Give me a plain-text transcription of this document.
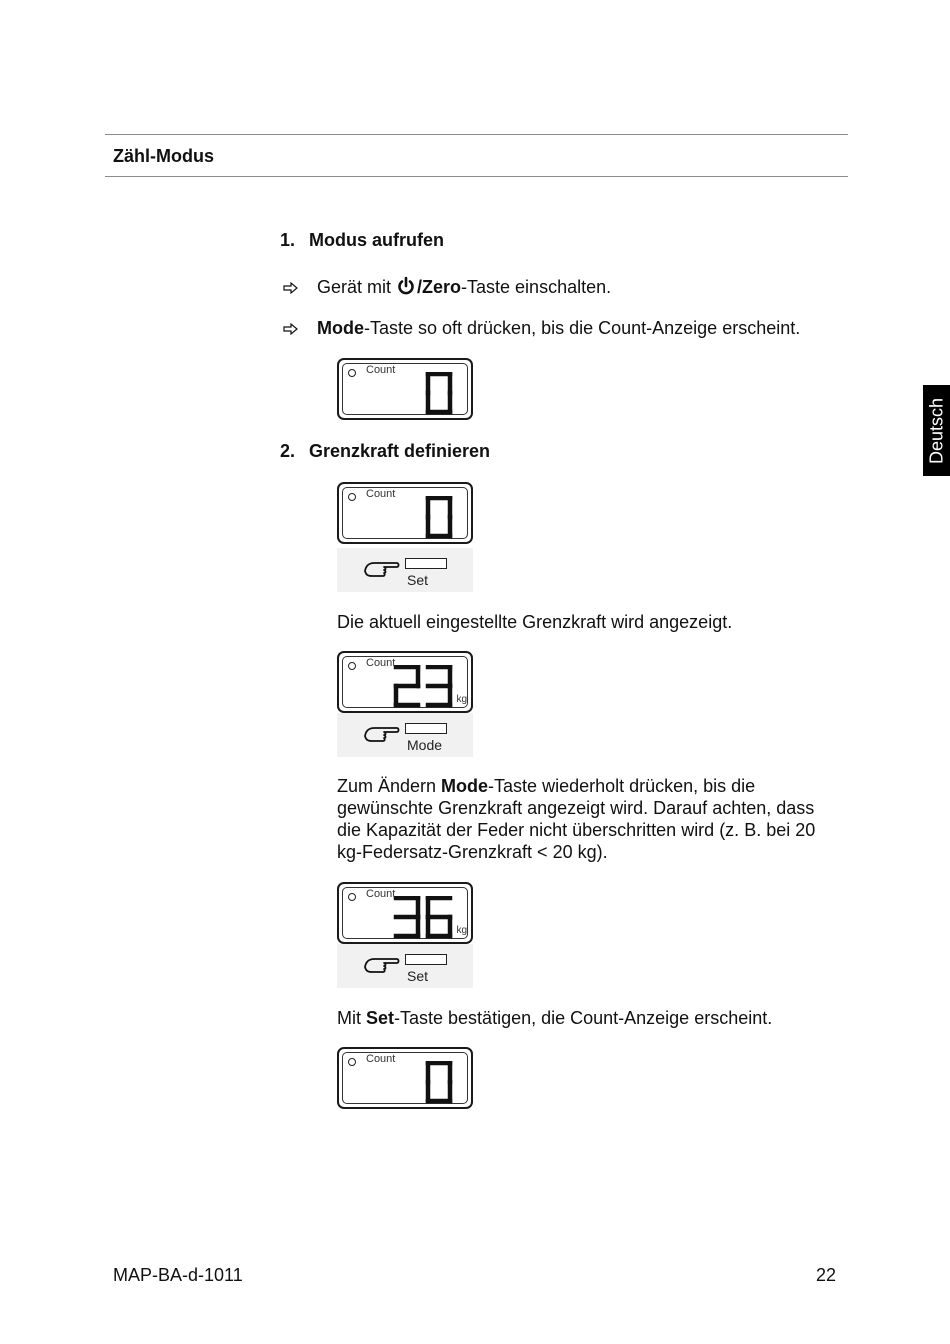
Zähl-Modus
Deutsch
1. Modus aufrufen
Gerät mit /Zero-Taste einschalten.
Mode-Taste so oft drücken, bis die Count-Anzeige erscheint.
Count
2. Grenzkraft definieren
Count
Set
Die aktuell eingestellte Grenzkraft wird angezeigt.
Count
kg
Mode
Zum Ändern Mode-Taste wiederholt drücken, bis die gewünschte Grenzkraft angezeigt wird. Darauf achten, dass die Kapazität der Feder nicht überschritten wird (z. B. bei 20 kg-Federsatz-Grenzkraft < 20 kg).
Count
kg
Set
Mit Set-Taste bestätigen, die Count-Anzeige erscheint.
Count
MAP-BA-d-1011	22
